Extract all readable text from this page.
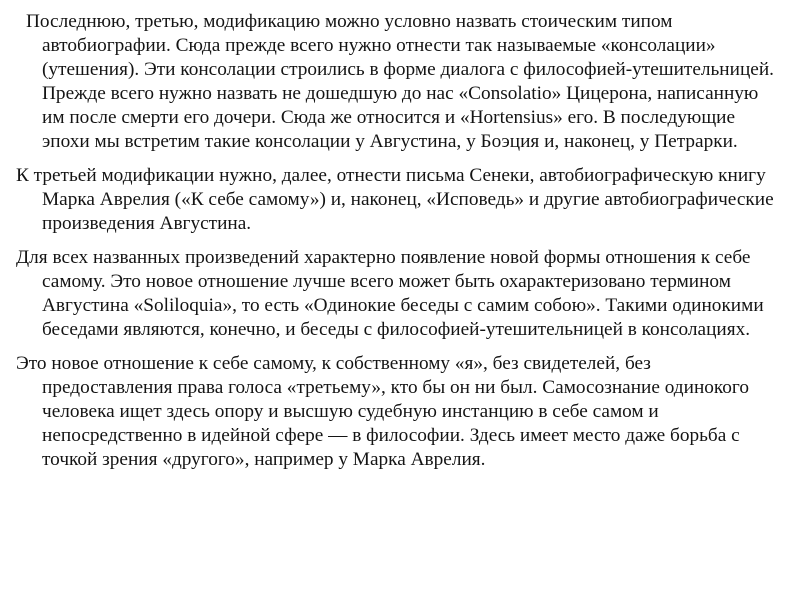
Последнюю, третью, модификацию можно условно назвать стоическим типом автобиографии. Сюда прежде всего нужно отнести так называемые «консолации» (утешения). Эти консолации строились в форме диалога с философией-утешительницей. Прежде всего нужно назвать не дошедшую до нас «Consolatio» Цицерона, написанную им после смерти его дочери. Сюда же относится и «Hortensius» его. В последующие эпохи мы встретим такие консолации у Августина, у Боэция и, наконец, у Петрарки.

К третьей модификации нужно, далее, отнести письма Сенеки, автобиографическую книгу Марка Аврелия («К себе самому») и, наконец, «Исповедь» и другие автобиографические произведения Августина.

Для всех названных произведений характерно появление новой формы отношения к себе самому. Это новое отношение лучше всего может быть охарактеризовано термином Августина «Soliloquia», то есть «Одинокие беседы с самим собою». Такими одинокими беседами являются, конечно, и беседы с философией-утешительницей в консолациях.

Это новое отношение к себе самому, к собственному «я», без свидетелей, без предоставления права голоса «третьему», кто бы он ни был. Самосознание одинокого человека ищет здесь опору и высшую судебную инстанцию в себе самом и непосредственно в идейной сфере — в философии. Здесь имеет место даже борьба с точкой зрения «другого», например у Марка Аврелия.
